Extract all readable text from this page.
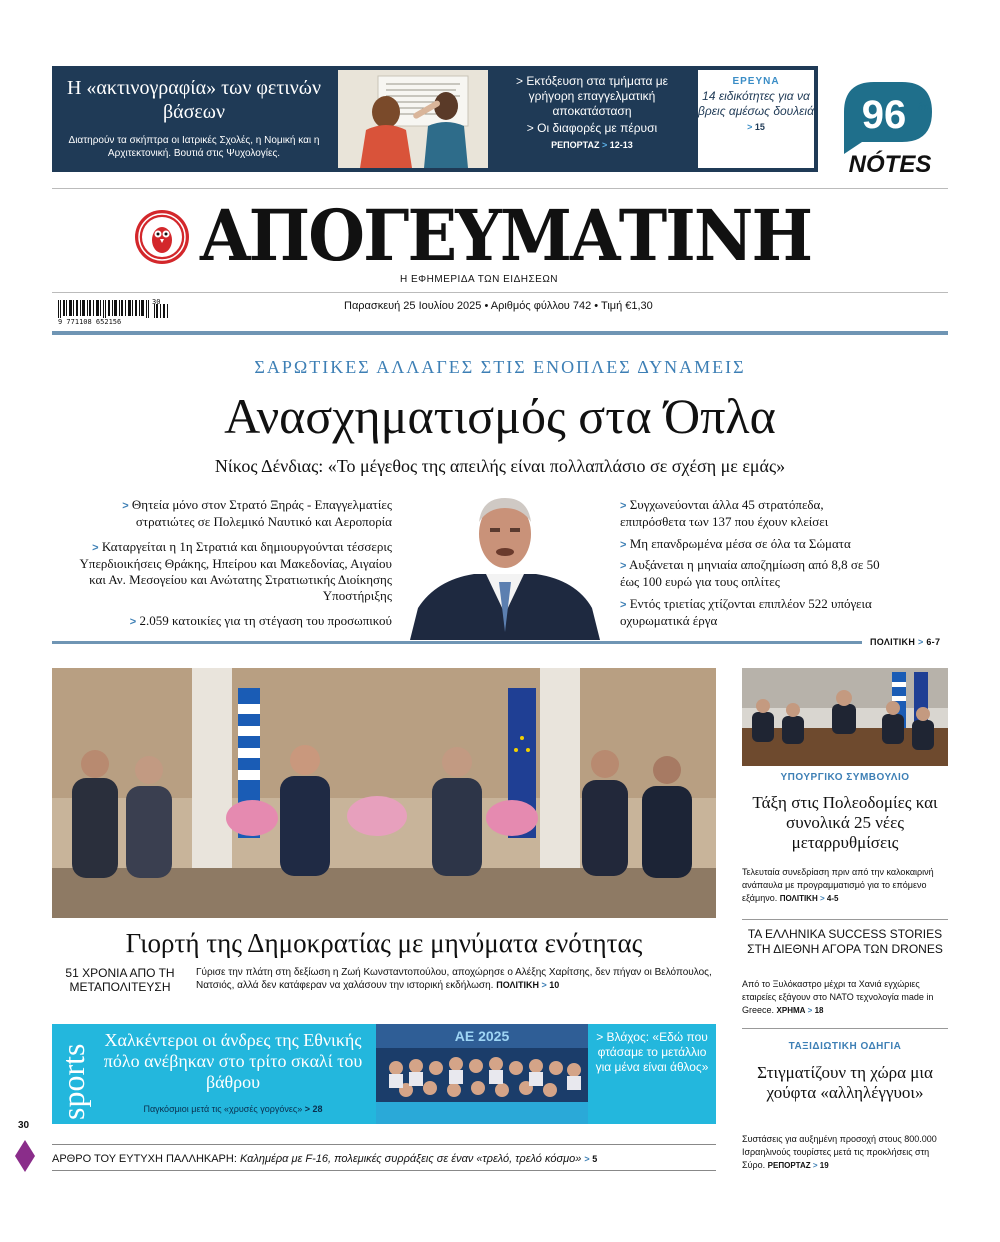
Η «ακτινογραφία» των φετινών βάσεων
Διατηρούν τα σκήπτρα οι Ιατρικές Σχολές, η Νομική και η Αρχιτεκτονική. Βουτιά στις Ψυχολογίες.
> Εκτόξευση στα τμήματα με γρήγορη επαγγελματική αποκατάσταση
> Οι διαφορές με πέρυσι
ΡΕΠΟΡΤΑΖ > 12-13
ΕΡΕΥΝΑ
14 ειδικότητες για να βρεις αμέσως δουλειά > 15	96 fm
NÓTES
ΑΠΟΓΕΥΜΑΤΙΝΗ
Η ΕΦΗΜΕΡΙΔΑ ΤΩΝ ΕΙΔΗΣΕΩΝ
9 771108 652156
30	Παρασκευή 25 Ιουλίου 2025 • Αριθμός φύλλου 742 • Τιμή €1,30
ΣΑΡΩΤΙΚΕΣ ΑΛΛΑΓΕΣ ΣΤΙΣ ΕΝΟΠΛΕΣ ΔΥΝΑΜΕΙΣ
Ανασχηματισμός στα Όπλα
Νίκος Δένδιας: «Το μέγεθος της απειλής είναι πολλαπλάσιο σε σχέση με εμάς»
> Θητεία μόνο στον Στρατό Ξηράς - Επαγγελματίες στρατιώτες σε Πολεμικό Ναυτικό και Αεροπορία
> Καταργείται η 1η Στρατιά και δημιουργούνται τέσσερις Υπερδιοικήσεις Θράκης, Ηπείρου και Μακεδονίας, Αιγαίου και Αν. Μεσογείου και Ανώτατης Στρατιωτικής Διοίκησης Υποστήριξης
> 2.059 κατοικίες για τη στέγαση του προσωπικού
> Συγχωνεύονται άλλα 45 στρατόπεδα, επιπρόσθετα των 137 που έχουν κλείσει
> Μη επανδρωμένα μέσα σε όλα τα Σώματα
> Αυξάνεται η μηνιαία αποζημίωση από 8,8 σε 50 έως 100 ευρώ για τους οπλίτες
> Εντός τριετίας χτίζονται επιπλέον 522 υπόγεια οχυρωματικά έργα
ΠΟΛΙΤΙΚΗ > 6-7
Γιορτή της Δημοκρατίας με μηνύματα ενότητας
51 ΧΡΟΝΙΑ ΑΠΟ ΤΗ ΜΕΤΑΠΟΛΙΤΕΥΣΗ
Γύρισε την πλάτη στη δεξίωση η Ζωή Κωνσταντοπούλου, αποχώρησε ο Αλέξης Χαρίτσης, δεν πήγαν οι Βελόπουλος, Νατσιός, αλλά δεν κατάφεραν να χαλάσουν την ιστορική εκδήλωση. ΠΟΛΙΤΙΚΗ > 10
sports
Χαλκέντεροι οι άνδρες της Εθνικής πόλο ανέβηκαν στο τρίτο σκαλί του βάθρου
Παγκόσμιοι μετά τις «χρυσές γοργόνες» > 28
AE 2025	> Βλάχος: «Εδώ που φτάσαμε το μετάλλιο για μένα είναι άθλος»
30
ΑΡΘΡΟ ΤΟΥ ΕΥΤΥΧΗ ΠΑΛΛΗΚΑΡΗ: Καλημέρα με F-16, πολεμικές συρράξεις σε έναν «τρελό, τρελό κόσμο» > 5
ΥΠΟΥΡΓΙΚΟ ΣΥΜΒΟΥΛΙΟ
Τάξη στις Πολεοδομίες και συνολικά 25 νέες μεταρρυθμίσεις
Τελευταία συνεδρίαση πριν από την καλοκαιρινή ανάπαυλα με προγραμματισμό για το επόμενο εξάμηνο. ΠΟΛΙΤΙΚΗ > 4-5
ΤΑ ΕΛΛΗΝΙΚΑ SUCCESS STORIES ΣΤΗ ΔΙΕΘΝΗ ΑΓΟΡΑ ΤΩΝ DRONES
Από το Ξυλόκαστρο μέχρι τα Χανιά εγχώριες εταιρείες εξάγουν στο ΝΑΤΟ τεχνολογία made in Greece. ΧΡΗΜΑ > 18
ΤΑΞΙΔΙΩΤΙΚΗ ΟΔΗΓΙΑ
Στιγματίζουν τη χώρα μια χούφτα «αλληλέγγυοι»
Συστάσεις για αυξημένη προσοχή στους 800.000 Ισραηλινούς τουρίστες μετά τις προκλήσεις στη Σύρο. ΡΕΠΟΡΤΑΖ > 19
